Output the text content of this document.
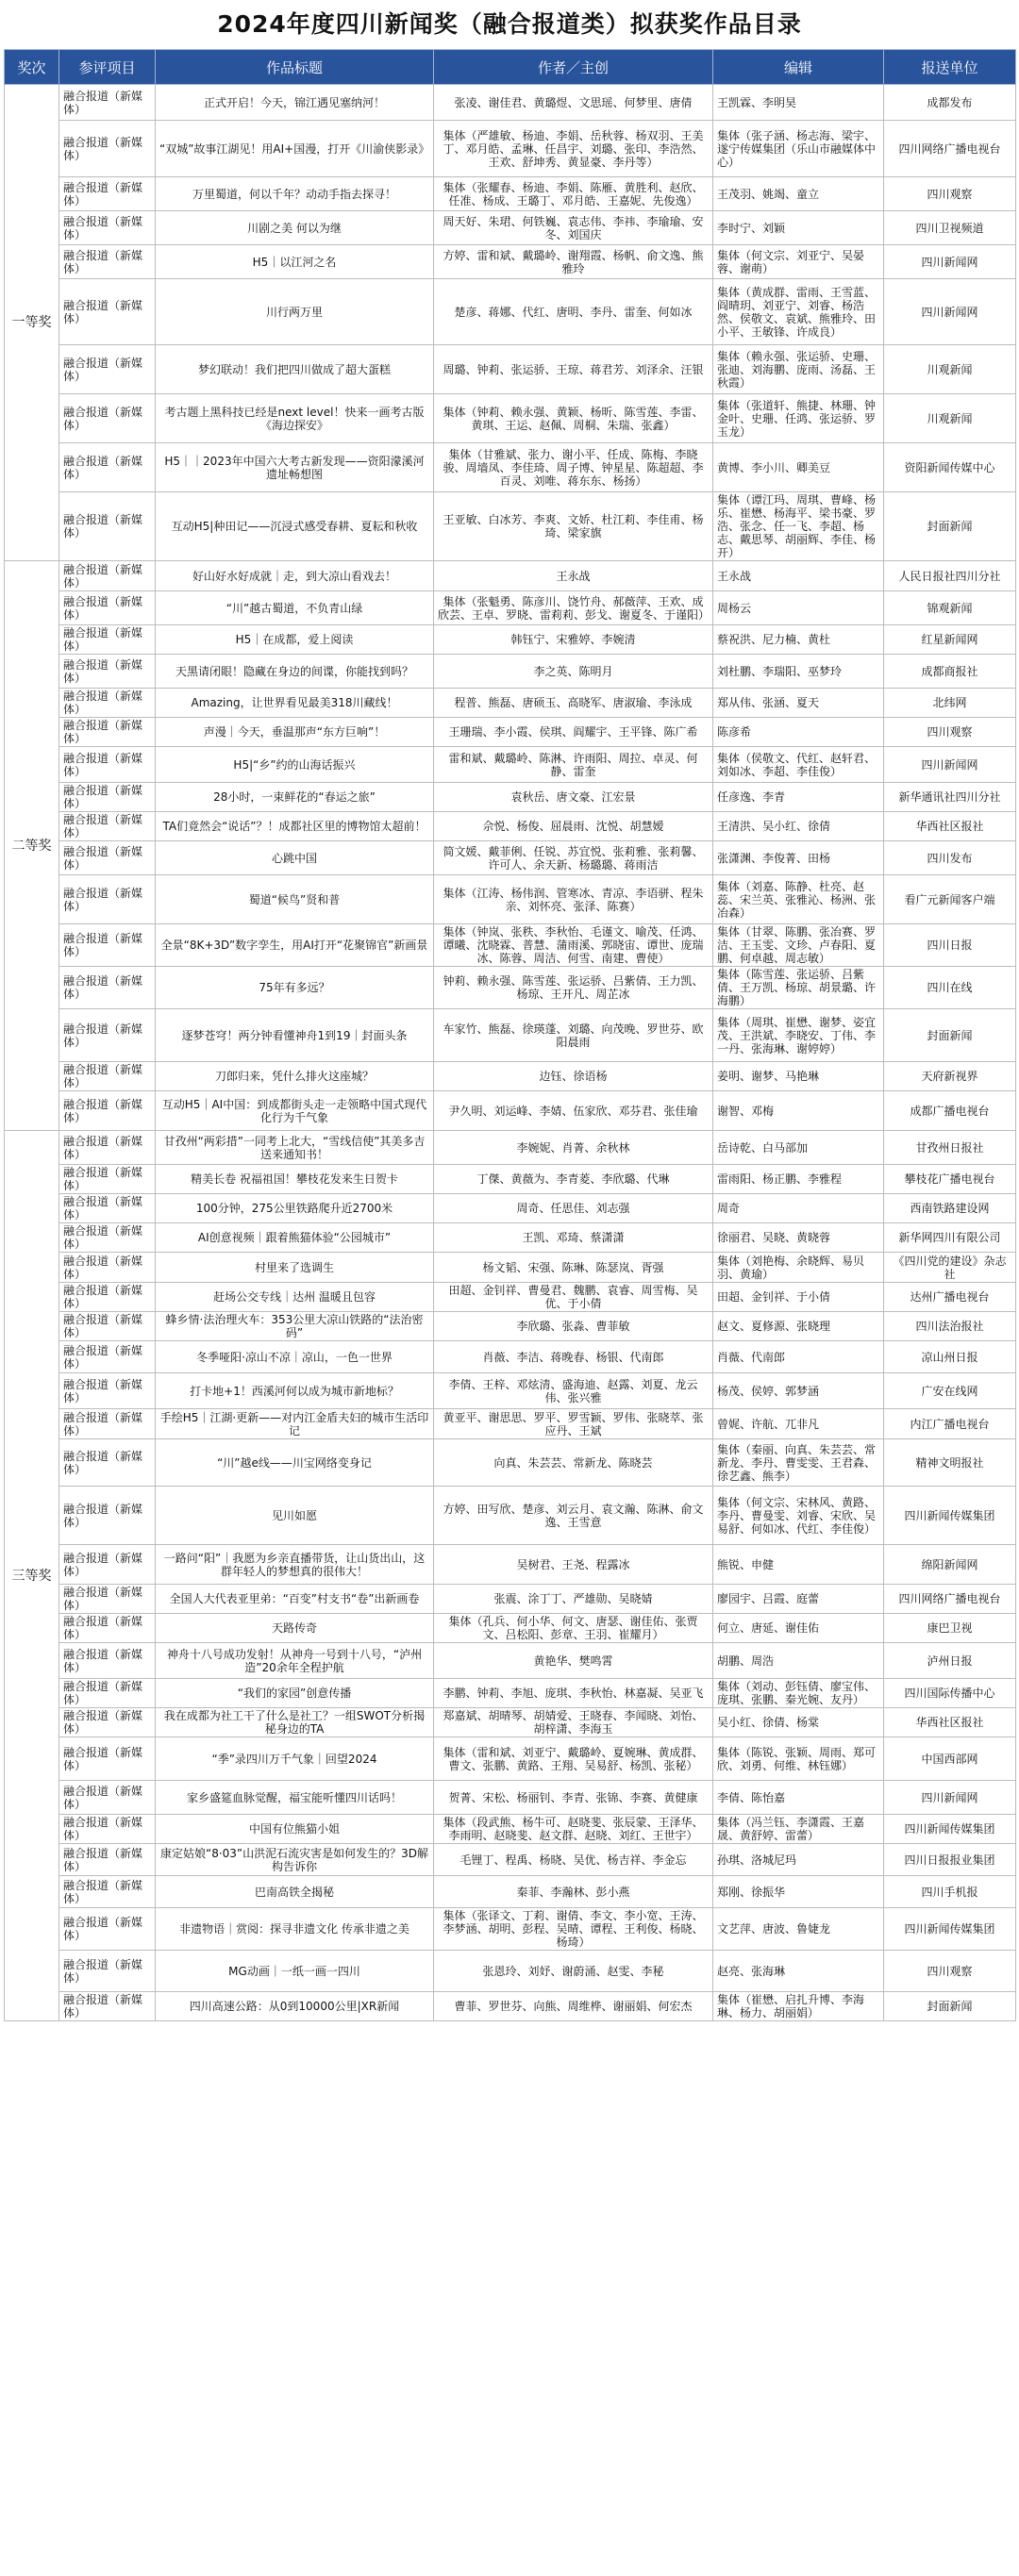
2024年度四川新闻奖（融合报道类）拟获奖作品目录
奖次	参评项目	作品标题	作者／主创	编辑	报送单位
一等奖	融合报道（新媒体）	正式开启！今天，锦江遇见塞纳河！	张凌、谢佳君、黄璐煜、文思瑶、何梦里、唐倩	王凯霖、李明昊	成都发布
	融合报道（新媒体）	“双城”故事江湖见！用AI+国漫，打开《川渝侠影录》	集体（严雄敏、杨迪、李娟、岳秋蓉、杨双羽、王美丁、邓月皓、孟琳、任昌宇、刘璐、张印、李浩然、王欢、舒坤秀、黄显豪、李丹等）	集体（张子涵、杨志海、梁宇、遂宁传媒集团（乐山市融媒体中心）	四川网络广播电视台
	融合报道（新媒体）	万里蜀道，何以千年？动动手指去探寻！	集体（张耀春、杨迪、李娟、陈雁、黄胜利、赵欣、任准、杨成、王璐丁、邓月皓、王嘉妮、先俊逸）	王茂羽、姚竭、童立	四川观察
	融合报道（新媒体）	川剧之美 何以为继	周天好、朱珺、何铁巍、袁志伟、李祎、李瑜瑜、安冬、刘国庆	李时宁、刘颖	四川卫视频道
	融合报道（新媒体）	H5｜以江河之名	方婷、雷和斌、戴璐岭、谢翔霞、杨帆、俞文逸、熊雅玲	集体（何文宗、刘亚宁、吴晏蓉、谢萌）	四川新闻网
	融合报道（新媒体）	川行两万里	楚彦、蒋娜、代红、唐明、李丹、雷奎、何如冰	集体（黄成群、雷雨、王雪蓝、阎晴玥、刘亚宁、刘睿、杨浩然、侯敬文、袁斌、熊雅玲、田小平、王敏锋、许成良）	四川新闻网
	融合报道（新媒体）	梦幻联动！我们把四川做成了超大蛋糕	周璐、钟莉、张运骄、王琼、蒋君芳、刘泽余、汪银	集体（赖永强、张运骄、史珊、张迪、刘海鹏、庞雨、汤磊、王秋霞）	川观新闻
	融合报道（新媒体）	考古题上黑科技已经是next level！快来一画考古版《海边探安》	集体（钟莉、赖永强、黄颖、杨昕、陈雪莲、李雷、黄琪、王运、赵佩、周桐、朱瑞、张鑫）	集体（张道轩、熊捷、林珊、钟金叶、史珊、任鸿、张运骄、罗玉龙）	川观新闻
	融合报道（新媒体）	H5｜｜2023年中国六大考古新发现——资阳濛溪河遗址畅想图	集体（甘雅斌、张力、谢小平、任成、陈梅、李晓骏、周墙凤、李佳琦、周子博、钟星星、陈超超、李百灵、刘唯、蒋东东、杨扬）	黄博、李小川、卿美豆	资阳新闻传媒中心
	融合报道（新媒体）	互动H5|种田记——沉浸式感受春耕、夏耘和秋收	王亚敏、白冰芳、李爽、文娇、杜江莉、李佳甫、杨琦、梁家旗	集体（谭江玛、周琪、曹峰、杨乐、崔懋、杨海平、梁书豪、罗浩、张念、任一飞、李超、杨志、戴思琴、胡丽辉、李佳、杨开）	封面新闻
二等奖	融合报道（新媒体）	好山好水好成就｜走，到大凉山看戏去！	王永战	王永战	人民日报社四川分社
	融合报道（新媒体）	“川”越古蜀道，不负青山绿	集体（张魁勇、陈彦川、饶竹舟、郝薇萍、王欢、成欣芸、王卓、罗晓、雷莉莉、彭戈、谢夏冬、于谨阳）	周杨云	锦观新闻
	融合报道（新媒体）	H5｜在成都，爱上阅读	韩钰宁、宋雅婷、李婉清	蔡祝洪、尼力楠、黄杜	红星新闻网
	融合报道（新媒体）	天黑请闭眼！隐藏在身边的间谍，你能找到吗？	李之英、陈明月	刘杜鹏、李瑞阳、巫梦玲	成都商报社
	融合报道（新媒体）	Amazing，让世界看见最美318川藏线！	程普、熊磊、唐硕玉、高晓军、唐淑瑜、李泳成	郑从伟、张涵、夏天	北纬网
	融合报道（新媒体）	声漫｜今天，垂温那声“东方巨响”！	王珊瑞、李小霞、侯琪、阎耀宇、王平锋、陈广希	陈彦希	四川观察
	融合报道（新媒体）	H5|“乡”约的山海话振兴	雷和斌、戴璐岭、陈淋、许雨阳、周拉、卓灵、何静、雷奎	集体（侯敬文、代红、赵轩君、刘如冰、李超、李佳俊）	四川新闻网
	融合报道（新媒体）	28小时，一束鲜花的“春运之旅”	袁秋岳、唐文豪、江宏景	任彦逸、李青	新华通讯社四川分社
	融合报道（新媒体）	TA们竟然会“说话”？！成都社区里的博物馆太超前！	佘悦、杨俊、屈晨雨、沈悦、胡慧嫒	王清洪、吴小红、徐倩	华西社区报社
	融合报道（新媒体）	心跳中国	简文媛、戴菲俐、任锐、苏宜悦、张莉雅、张莉馨、许可人、余天新、杨璐璐、蒋雨洁	张潇渊、李俊菁、田杨	四川发布
	融合报道（新媒体）	蜀道“候鸟”贤和普	集体（江涛、杨伟润、管寒冰、青凉、李语骈、程朱亲、刘怀亮、张泽、陈赛）	集体（刘嘉、陈静、杜亮、赵蕊、宋兰英、张雅沁、杨洲、张冶森）	看广元新闻客户端
	融合报道（新媒体）	全景“8K+3D”数字孪生，用AI打开“花聚锦官”新画景	集体（钟岚、张秩、李秋怡、毛谨文、喻茂、任鸿、谭曦、沈晓霖、普慧、蒲雨溪、郭晓宙、谭世、庞瑞冰、陈蓉、周洁、何雪、南建、曹使）	集体（甘翠、陈鹏、张冶赛、罗洁、王玉雯、文珍、卢春阳、夏鹏、何卓越、周志敏）	四川日报
	融合报道（新媒体）	75年有多远？	钟莉、赖永强、陈雪莲、张运骄、吕紫倩、王力凯、杨琼、王开凡、周芷冰	集体（陈雪莲、张运骄、吕紫倩、王万凯、杨琼、胡景璐、许海鹏）	四川在线
	融合报道（新媒体）	逐梦苍穹！两分钟看懂神舟1到19｜封面头条	车家竹、熊磊、徐瑛蓬、刘璐、向茂晚、罗世芬、欧阳晨雨	集体（周琪、崔懋、谢梦、姿宜茂、王洪斌、李晓安、丁伟、李一丹、张海琳、谢婷婷）	封面新闻
	融合报道（新媒体）	刀郎归来，凭什么排火这座城？	边钰、徐语杨	姜明、谢梦、马艳琳	天府新视界
	融合报道（新媒体）	互动H5｜AI中国：到成都街头走一走领略中国式现代化行为千气象	尹久明、刘运峰、李婧、伍家欣、邓芬君、张佳瑜	谢智、邓梅	成都广播电视台
三等奖	融合报道（新媒体）	甘孜州“两彩措”一同考上北大，“雪线信使”其美多吉送来通知书！	李婉妮、肖菁、余秋林	岳诗乾、白马部加	甘孜州日报社
	融合报道（新媒体）	精美长卷 祝福祖国！攀枝花发来生日贺卡	丁傑、黄薇为、李青菱、李欣璐、代琳	雷雨阳、杨正鹏、李雅程	攀枝花广播电视台
	融合报道（新媒体）	100分钟，275公里铁路爬升近2700米	周奇、任思佳、刘志强	周奇	西南铁路建设网
	融合报道（新媒体）	AI创意视频｜跟着熊猫体验“公园城市”	王凯、邓琦、蔡潇潇	徐丽君、吴晓、黄晓蓉	新华网四川有限公司
	融合报道（新媒体）	村里来了选调生	杨文韬、宋强、陈琳、陈瑟岚、胥强	集体（刘艳梅、余晓辉、易贝羽、黄瑜）	《四川党的建设》杂志社
	融合报道（新媒体）	赶场公交专线｜达州 温暖且包容	田超、金钊祥、曹曼君、魏鹏、袁睿、周雪梅、吴优、于小倩	田超、金钊祥、于小倩	达州广播电视台
	融合报道（新媒体）	蜂乡情·法治理火车：353公里大凉山铁路的“法治密码”	李欣璐、张淼、曹菲敏	赵文、夏修源、张晓理	四川法治报社
	融合报道（新媒体）	冬季哑阳·凉山不凉｜凉山，一色一世界	肖薇、李洁、蒋晚春、杨银、代南郎	肖薇、代南郎	凉山州日报
	融合报道（新媒体）	打卡地+1！西溪河何以成为城市新地标？	李倩、王梓、邓炫清、盛海迪、赵露、刘夏、龙云伟、张兴雅	杨茂、侯婷、郭梦涵	广安在线网
	融合报道（新媒体）	手绘H5｜江湖·更新——对内江金盾夫妇的城市生活印记	黄亚平、谢思思、罗平、罗雪颖、罗伟、张晓萃、张应丹、王斌	曾娓、许航、兀非凡	内江广播电视台
	融合报道（新媒体）	“川”越e线——川宝网络变身记	向真、朱芸芸、常新龙、陈晓芸	集体（秦丽、向真、朱芸芸、常新龙、李丹、曹雯雯、王君森、徐艺鑫、熊李）	精神文明报社
	融合报道（新媒体）	见川如愿	方婷、田写欣、楚彦、刘云月、袁文瀚、陈淋、俞文逸、王雪意	集体（何文宗、宋林风、黄路、李丹、曹曼雯、刘睿、宋欣、吴易舒、何如冰、代红、李佳俊）	四川新闻传媒集团
	融合报道（新媒体）	一路问“阳”｜我愿为乡亲直播带货，让山货出山，这群年轻人的梦想真的很伟大！	吴树君、王尧、程露冰	熊锐、申健	绵阳新闻网
	融合报道（新媒体）	全国人大代表亚里弟：“百变”村支书“卷”出新画卷	张震、涂丁丁、严雄勋、吴晓婧	廖园宇、吕霞、庭蕾	四川网络广播电视台
	融合报道（新媒体）	天路传奇	集体（孔兵、何小华、何文、唐瑟、谢佳佑、张贾文、吕松阳、彭章、王羽、崔耀月）	何立、唐延、谢佳佑	康巴卫视
	融合报道（新媒体）	神舟十八号成功发射！从神舟一号到十八号，“泸州造”20余年全程护航	黄艳华、樊鸣霄	胡鹏、周浩	泸州日报
	融合报道（新媒体）	“我们的家园”创意传播	李鹏、钟莉、李旭、庞琪、李秋怡、林嘉凝、吴亚飞	集体（刘动、彭钰倩、廖宝伟、庞琪、张鹏、秦光婉、友丹）	四川国际传播中心
	融合报道（新媒体）	我在成都为社工干了什么是社工？一组SWOT分析揭秘身边的TA	郑嘉斌、胡晴琴、胡婧爱、王晓春、李闻晓、刘怡、胡梓潇、李海玉	吴小红、徐倩、杨棠	华西社区报社
	融合报道（新媒体）	“季”录四川万千气象｜回望2024	集体（雷和斌、刘亚宁、戴璐岭、夏婉琳、黄成群、曹文、张鹏、黄路、王翔、吴易舒、杨凯、张秘）	集体（陈锐、张颖、周雨、郑可欣、刘勇、何维、林钰娜）	中国西部网
	融合报道（新媒体）	家乡盛筵血脉觉醒，福宝能听懂四川话吗！	贺菁、宋松、杨丽钊、李青、张锦、李赛、黄健康	李倩、陈怡嘉	四川新闻网
	融合报道（新媒体）	中国有位熊猫小姐	集体（段武熊、杨牛可、赵晓斐、张辰蒙、王泽华、李雨明、赵晓斐、赵文群、赵晓、刘红、王世宇）	集体（冯兰钰、李潇霞、王嘉晟、黄舒婷、雷蕾）	四川新闻传媒集团
	融合报道（新媒体）	康定姑娘“8·03”山洪泥石流灾害是如何发生的？3D解构告诉你	毛锂丁、程禹、杨晓、吴优、杨吉祥、李金忘	孙琪、洛城尼玛	四川日报报业集团
	融合报道（新媒体）	巴南高铁全揭秘	秦菲、李瀚林、彭小燕	郑刚、徐振华	四川手机报
	融合报道（新媒体）	非遗物语｜赏阅：探寻非遗文化 传承非遗之美	集体（张译文、丁莉、谢倩、李文、李小宽、王涛、李梦涵、胡明、彭程、吴晴、谭程、王利俊、杨晓、杨琦）	文艺萍、唐波、鲁婕龙	四川新闻传媒集团
	融合报道（新媒体）	MG动画｜一纸一画一四川	张恩玲、刘妤、谢蔚涌、赵雯、李秘	赵亮、张海琳	四川观察
	融合报道（新媒体）	四川高速公路：从0到10000公里|XR新闻	曹菲、罗世芬、向熊、周维桦、谢丽娟、何宏杰	集体（崔懋、启扎升博、李海琳、杨力、胡丽娟）	封面新闻
